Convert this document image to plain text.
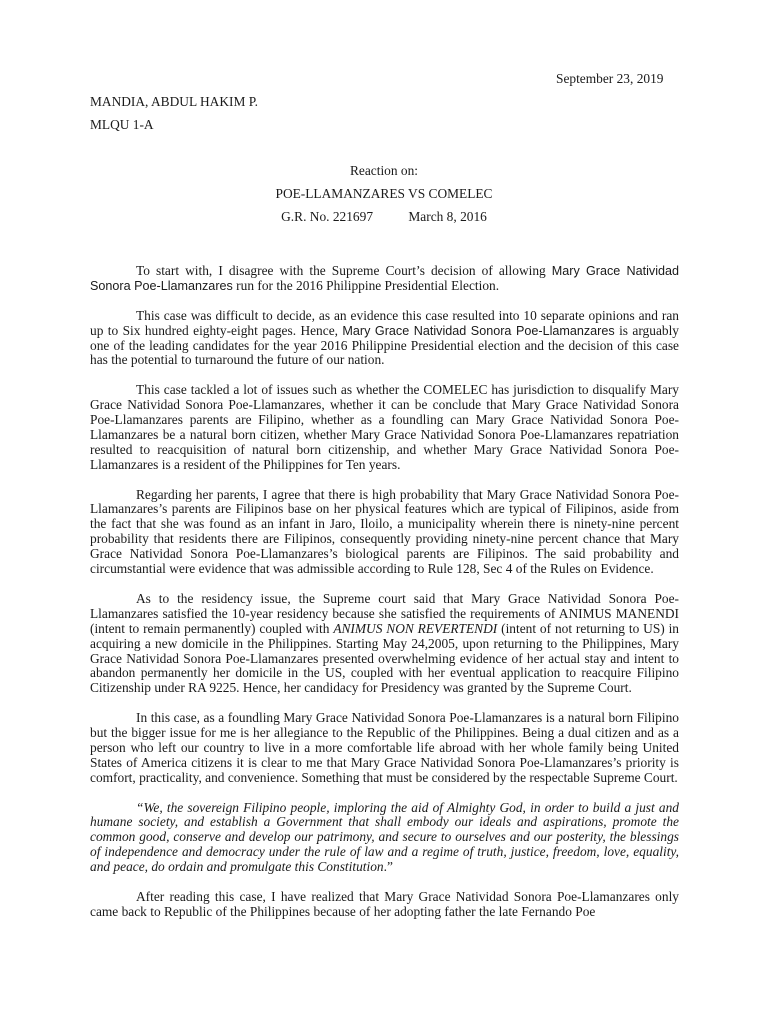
September 23, 2019
MANDIA, ABDUL HAKIM P.
MLQU 1-A
Reaction on:
POE-LLAMANZARES VS COMELEC
G.R. No. 221697	March 8, 2016

To start with, I disagree with the Supreme Court’s decision of allowing Mary Grace Natividad Sonora Poe-Llamanzares run for the 2016 Philippine Presidential Election.

This case was difficult to decide, as an evidence this case resulted into 10 separate opinions and ran up to Six hundred eighty-eight pages. Hence, Mary Grace Natividad Sonora Poe-Llamanzares is arguably one of the leading candidates for the year 2016 Philippine Presidential election and the decision of this case has the potential to turnaround the future of our nation.

This case tackled a lot of issues such as whether the COMELEC has jurisdiction to disqualify Mary Grace Natividad Sonora Poe-Llamanzares, whether it can be conclude that Mary Grace Natividad Sonora Poe-Llamanzares parents are Filipino, whether as a foundling can Mary Grace Natividad Sonora Poe-Llamanzares be a natural born citizen, whether Mary Grace Natividad Sonora Poe-Llamanzares repatriation resulted to reacquisition of natural born citizenship, and whether Mary Grace Natividad Sonora Poe-Llamanzares is a resident of the Philippines for Ten years.

Regarding her parents, I agree that there is high probability that Mary Grace Natividad Sonora Poe-Llamanzares’s parents are Filipinos base on her physical features which are typical of Filipinos, aside from the fact that she was found as an infant in Jaro, Iloilo, a municipality wherein there is ninety-nine percent probability that residents there are Filipinos, consequently providing ninety-nine percent chance that Mary Grace Natividad Sonora Poe-Llamanzares’s biological parents are Filipinos. The said probability and circumstantial were evidence that was admissible according to Rule 128, Sec 4 of the Rules on Evidence.

As to the residency issue, the Supreme court said that Mary Grace Natividad Sonora Poe-Llamanzares satisfied the 10-year residency because she satisfied the requirements of ANIMUS MANENDI (intent to remain permanently) coupled with ANIMUS NON REVERTENDI (intent of not returning to US) in acquiring a new domicile in the Philippines. Starting May 24,2005, upon returning to the Philippines, Mary Grace Natividad Sonora Poe-Llamanzares presented overwhelming evidence of her actual stay and intent to abandon permanently her domicile in the US, coupled with her eventual application to reacquire Filipino Citizenship under RA 9225. Hence, her candidacy for Presidency was granted by the Supreme Court.

In this case, as a foundling Mary Grace Natividad Sonora Poe-Llamanzares is a natural born Filipino but the bigger issue for me is her allegiance to the Republic of the Philippines. Being a dual citizen and as a person who left our country to live in a more comfortable life abroad with her whole family being United States of America citizens it is clear to me that Mary Grace Natividad Sonora Poe-Llamanzares’s priority is comfort, practicality, and convenience. Something that must be considered by the respectable Supreme Court.

“We, the sovereign Filipino people, imploring the aid of Almighty God, in order to build a just and humane society, and establish a Government that shall embody our ideals and aspirations, promote the common good, conserve and develop our patrimony, and secure to ourselves and our posterity, the blessings of independence and democracy under the rule of law and a regime of truth, justice, freedom, love, equality, and peace, do ordain and promulgate this Constitution.”

After reading this case, I have realized that Mary Grace Natividad Sonora Poe-Llamanzares only came back to Republic of the Philippines because of her adopting father the late Fernando Poe
